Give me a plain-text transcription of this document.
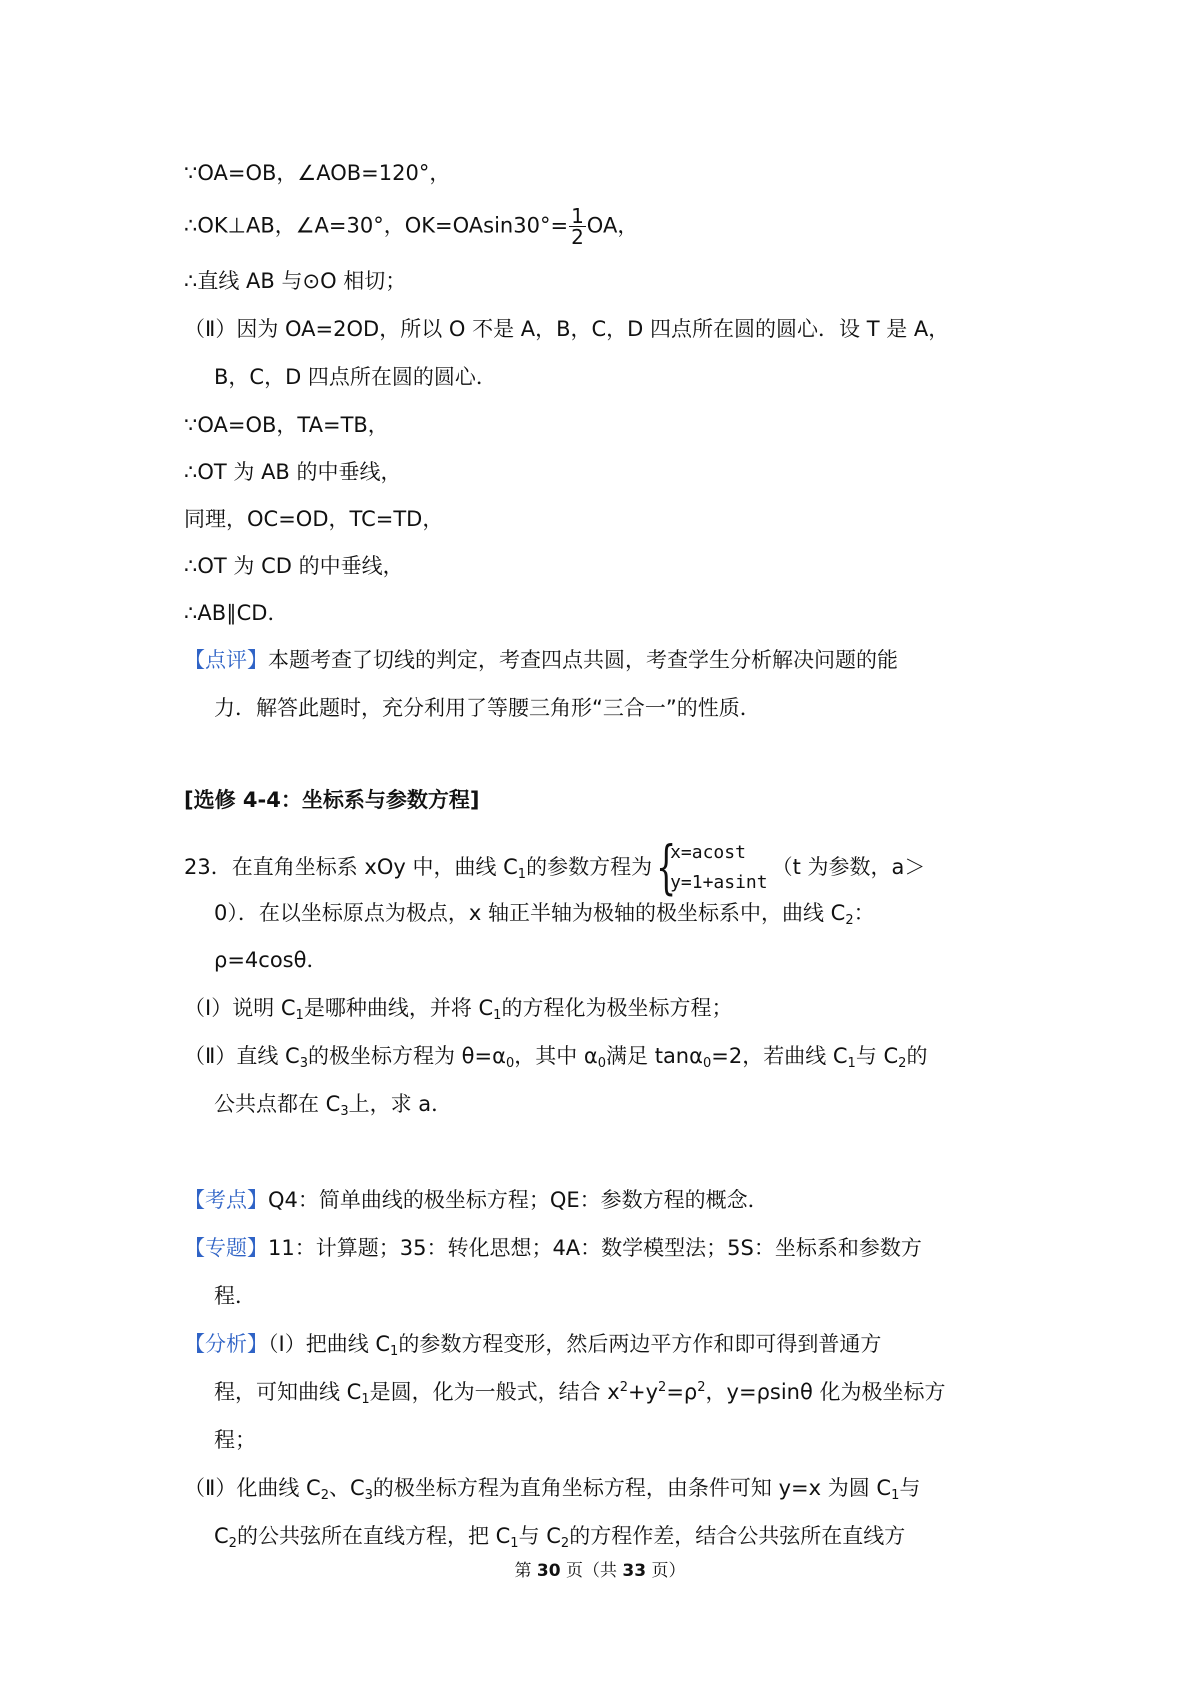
∵OA=OB，∠AOB=120°，
∴OK⊥AB，∠A=30°，$OK=OAsin30^\circ= \frac{1}{2}$ OA，
∴直线 AB 与⊙O 相切；
（Ⅱ）因为 OA=2OD，所以 O 不是 A，B，C，D 四点所在圆的圆心．设 T 是 A，
B，C，D 四点所在圆的圆心．
∵OA=OB，TA=TB，
∴OT 为 AB 的中垂线，
同理，OC=OD，TC=TD，
∴OT 为 CD 的中垂线，
∴AB∥CD．
【点评】本题考查了切线的判定，考查四点共圆，考查学生分析解决问题的能
力．解答此题时，充分利用了等腰三角形“三合一”的性质．
[选修 4-4：坐标系与参数方程]
23．在直角坐标系 xOy 中，曲线 $C_1$的参数方程为 {
x=acost
y=1+asint
（t 为参数，a＞
0）．在以坐标原点为极点，x 轴正半轴为极轴的极坐标系中，曲线 $C_2$：
ρ=4cosθ．
（Ⅰ）说明 $C_1$是哪种曲线，并将 $C_1$的方程化为极坐标方程；
（Ⅱ）直线 $C_3$的极坐标方程为 $\theta=\alpha_0$，其中 $\alpha_0$满足 tanα$_0$=2，若曲线 $C_1$与 $C_2$的
公共点都在 $C_3$上，求 a．
【考点】Q4：简单曲线的极坐标方程；QE：参数方程的概念．
【专题】11：计算题；35：转化思想；4A：数学模型法；5S：坐标系和参数方
程．
【分析】（Ⅰ）把曲线 $C_1$的参数方程变形，然后两边平方作和即可得到普通方
程，可知曲线 $C_1$是圆，化为一般式，结合 $x^2+y^2=\rho^2$，y=ρsinθ 化为极坐标方
程；
（Ⅱ）化曲线 $C_2$、$C_3$的极坐标方程为直角坐标方程，由条件可知 y=x 为圆 $C_1$与
$C_2$的公共弦所在直线方程，把 $C_1$与 $C_2$的方程作差，结合公共弦所在直线方
第 30 页（共 33 页）
